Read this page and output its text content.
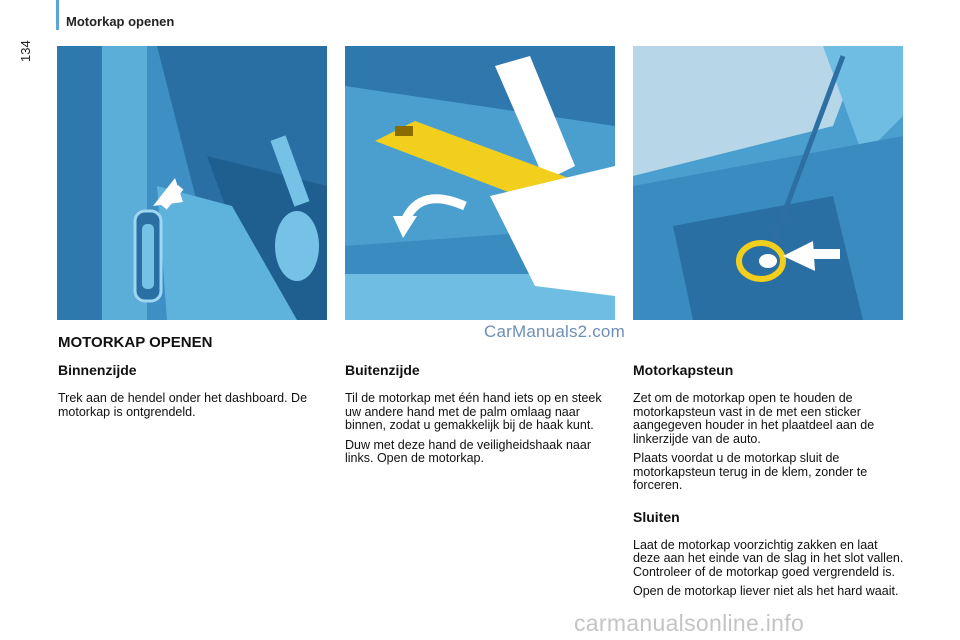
Motorkap openen
134
CarManuals2.com
MOTORKAP OPENEN
Binnenzijde

Trek aan de hendel onder het dashboard. De motorkap is ontgrendeld.

Buitenzijde

Til de motorkap met één hand iets op en steek uw andere hand met de palm omlaag naar binnen, zodat u gemakkelijk bij de haak kunt.

Duw met deze hand de veiligheidshaak naar links. Open de motorkap.

Motorkapsteun

Zet om de motorkap open te houden de motorkapsteun vast in de met een sticker aangegeven houder in het plaatdeel aan de linkerzijde van de auto.

Plaats voordat u de motorkap sluit de motorkapsteun terug in de klem, zonder te forceren.

Sluiten

Laat de motorkap voorzichtig zakken en laat deze aan het einde van de slag in het slot vallen. Controleer of de motorkap goed vergrendeld is.

Open de motorkap liever niet als het hard waait.

carmanualsonline.info
